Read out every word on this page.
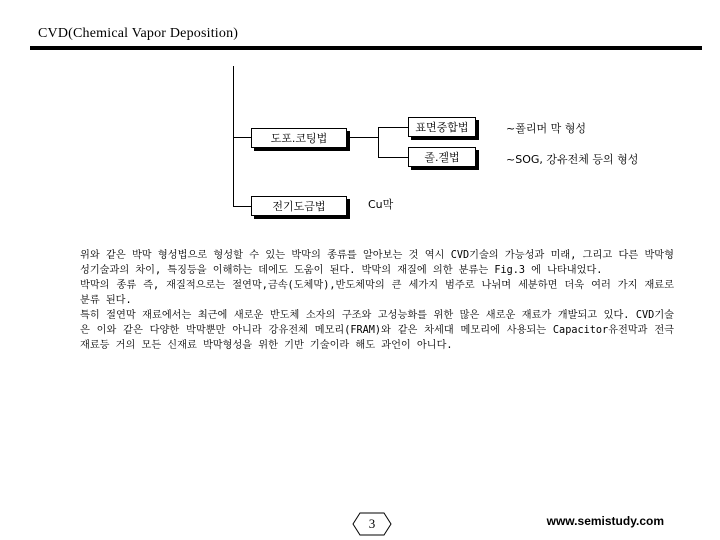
CVD(Chemical Vapor Deposition)
도포.코팅법
표면중합법
졸.겔법
~폴리머 막 형성
~SOG, 강유전체 등의 형성
전기도금법	Cu막

위와 같은 박막 형성법으로 형성할 수 있는 박막의 종류를 알아보는 것 역시 CVD기술의 가능성과 미래, 그리고 다른 박막형성기술과의 차이, 특징등을 이해하는 데에도 도움이 된다. 박막의 재질에 의한 분류는 Fig.3 에 나타내었다.

박막의 종류 즉, 재질적으로는 절연막,금속(도체막),반도체막의 큰 세가지 범주로 나뉘며 세분하면 더욱 여러 가지 재료로 분류 된다.

특히 절연막 재료에서는 최근에 새로운 반도체 소자의 구조와 고성능화를 위한 많은 새로운 재료가 개발되고 있다. CVD기술은 이와 같은 다양한 박막뿐만 아니라 강유전체 메모리(FRAM)와 같은 차세대 메모리에 사용되는 Capacitor유전막과 전극재료등 거의 모든 신재료 박막형성을 위한 기반 기술이라 해도 과언이 아니다.

3	www.semistudy.com
